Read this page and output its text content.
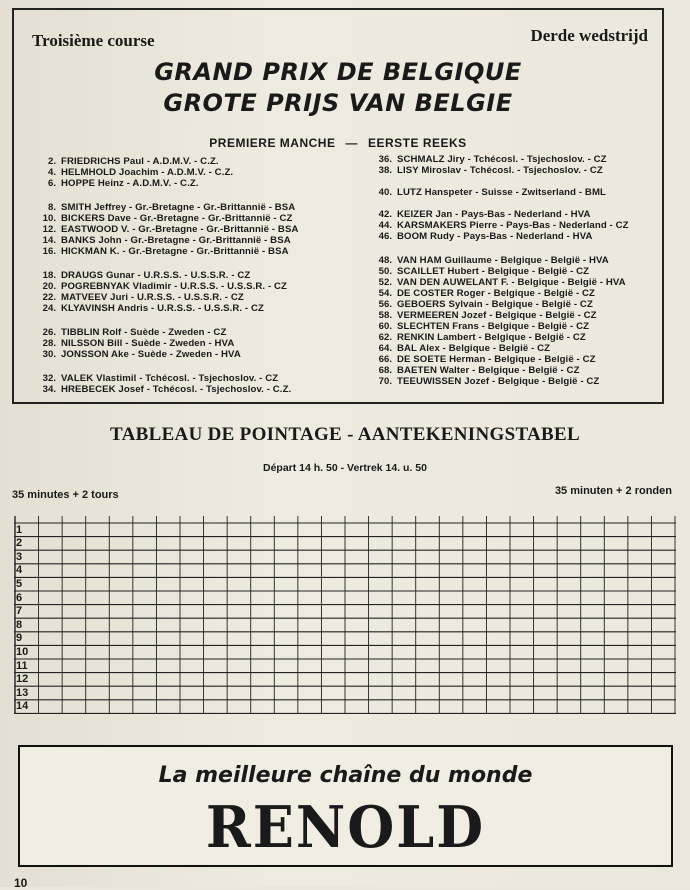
Troisième course	Derde wedstrijd
GRAND PRIX DE BELGIQUE
GROTE PRIJS VAN BELGIE
PREMIERE MANCHE — EERSTE REEKS
2. FRIEDRICHS Paul - A.D.M.V. - C.Z.
4. HELMHOLD Joachim - A.D.M.V. - C.Z.
6. HOPPE Heinz - A.D.M.V. - C.Z.
8. SMITH Jeffrey - Gr.-Bretagne - Gr.-Brittannië - BSA
10. BICKERS Dave - Gr.-Bretagne - Gr.-Brittannië - CZ
12. EASTWOOD V. - Gr.-Bretagne - Gr.-Brittannië - BSA
14. BANKS John - Gr.-Bretagne - Gr.-Brittannië - BSA
16. HICKMAN K. - Gr.-Bretagne - Gr.-Brittannië - BSA
18. DRAUGS Gunar - U.R.S.S. - U.S.S.R. - CZ
20. POGREBNYAK Vladimir - U.R.S.S. - U.S.S.R. - CZ
22. MATVEEV Juri - U.R.S.S. - U.S.S.R. - CZ
24. KLYAVINSH Andris - U.R.S.S. - U.S.S.R. - CZ
26. TIBBLIN Rolf - Suède - Zweden - CZ
28. NILSSON Bill - Suède - Zweden - HVA
30. JONSSON Ake - Suède - Zweden - HVA
32. VALEK Vlastimil - Tchécosl. - Tsjechoslov. - CZ
34. HREBECEK Josef - Tchécosl. - Tsjechoslov. - C.Z.
36. SCHMALZ Jiry - Tchécosl. - Tsjechoslov. - CZ
38. LISY Miroslav - Tchécosl. - Tsjechoslov. - CZ
40. LUTZ Hanspeter - Suisse - Zwitserland - BML
42. KEIZER Jan - Pays-Bas - Nederland - HVA
44. KARSMAKERS Pierre - Pays-Bas - Nederland - CZ
46. BOOM Rudy - Pays-Bas - Nederland - HVA
48. VAN HAM Guillaume - Belgique - België - HVA
50. SCAILLET Hubert - Belgique - België - CZ
52. VAN DEN AUWELANT F. - Belgique - België - HVA
54. DE COSTER Roger - Belgique - België - CZ
56. GEBOERS Sylvain - Belgique - België - CZ
58. VERMEEREN Jozef - Belgique - België - CZ
60. SLECHTEN Frans - Belgique - België - CZ
62. RENKIN Lambert - Belgique - België - CZ
64. BAL Alex - Belgique - België - CZ
66. DE SOETE Herman - Belgique - België - CZ
68. BAETEN Walter - Belgique - België - CZ
70. TEEUWISSEN Jozef - Belgique - België - CZ
TABLEAU DE POINTAGE - AANTEKENINGSTABEL
Départ 14 h. 50 - Vertrek 14. u. 50
35 minutes + 2 tours	35 minuten + 2 ronden
1
2
3
4
5
6
7
8
9
10
11
12
13
14
La meilleure chaîne du monde
RENOLD
10
